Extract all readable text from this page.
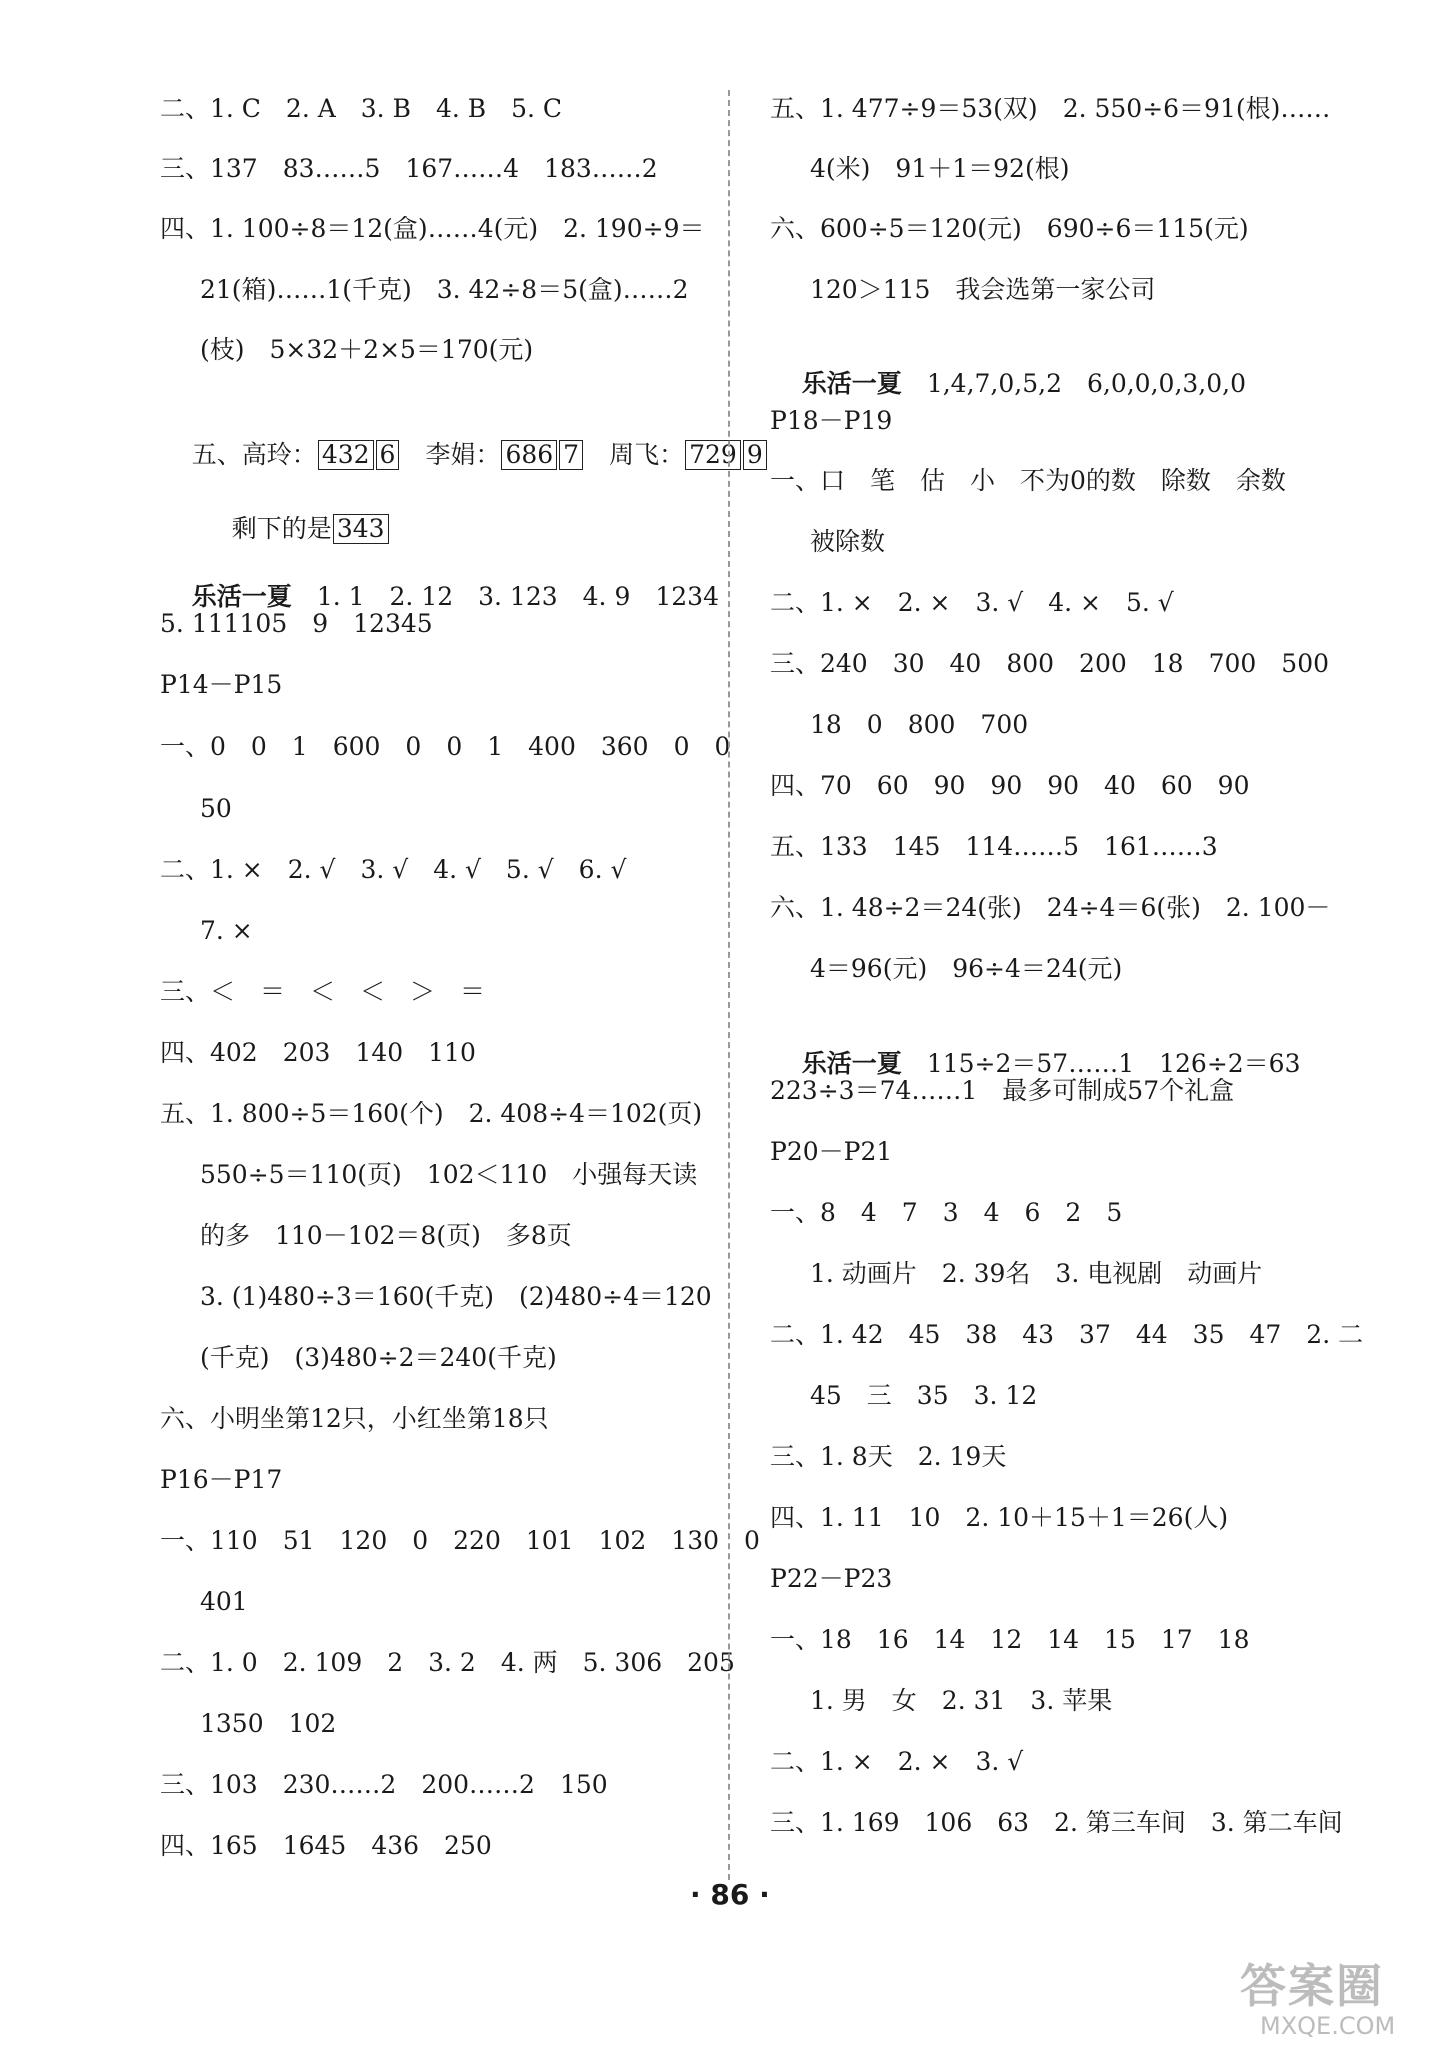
二、1. C　2. A　3. B　4. B　5. C
三、137　83……5　167……4　183……2
四、1. 100÷8＝12(盒)……4(元)　2. 190÷9＝
21(箱)……1(千克)　3. 42÷8＝5(盒)……2
(枝)　5×32＋2×5＝170(元)

五、高玲： 432 6　李娟： 686 7　周飞： 729 9

剩下的是 343

乐活一夏　1. 1　2. 12　3. 123　4. 9　1234

5. 111105　9　12345
P14－P15
一、0　0　1　600　0　0　1　400　360　0　0
50
二、1. ×　2. √　3. √　4. √　5. √　6. √
7. ×
三、＜　＝　＜　＜　＞　＝
四、402　203　140　110
五、1. 800÷5＝160(个)　2. 408÷4＝102(页)
550÷5＝110(页)　102＜110　小强每天读
的多　110－102＝8(页)　多8页
3. (1)480÷3＝160(千克)　(2)480÷4＝120
(千克)　(3)480÷2＝240(千克)
六、小明坐第12只，小红坐第18只
P16－P17
一、110　51　120　0　220　101　102　130　0
401
二、1. 0　2. 109　2　3. 2　4. 两　5. 306　205
1350　102
三、103　230……2　200……2　150
四、165　1645　436　250
五、1. 477÷9＝53(双)　2. 550÷6＝91(根)……
4(米)　91＋1＝92(根)
六、600÷5＝120(元)　690÷6＝115(元)
120＞115　我会选第一家公司

乐活一夏　1,4,7,0,5,2　6,0,0,0,3,0,0

P18－P19
一、口　笔　估　小　不为0的数　除数　余数
被除数
二、1. ×　2. ×　3. √　4. ×　5. √
三、240　30　40　800　200　18　700　500
18　0　800　700
四、70　60　90　90　90　40　60　90
五、133　145　114……5　161……3
六、1. 48÷2＝24(张)　24÷4＝6(张)　2. 100－
4＝96(元)　96÷4＝24(元)

乐活一夏　115÷2＝57……1　126÷2＝63

223÷3＝74……1　最多可制成57个礼盒
P20－P21
一、8　4　7　3　4　6　2　5
1. 动画片　2. 39名　3. 电视剧　动画片
二、1. 42　45　38　43　37　44　35　47　2. 二
45　三　35　3. 12
三、1. 8天　2. 19天
四、1. 11　10　2. 10＋15＋1＝26(人)
P22－P23
一、18　16　14　12　14　15　17　18
1. 男　女　2. 31　3. 苹果
二、1. ×　2. ×　3. √
三、1. 169　106　63　2. 第三车间　3. 第二车间
· 86 ·
答案圈
MXQE.COM
